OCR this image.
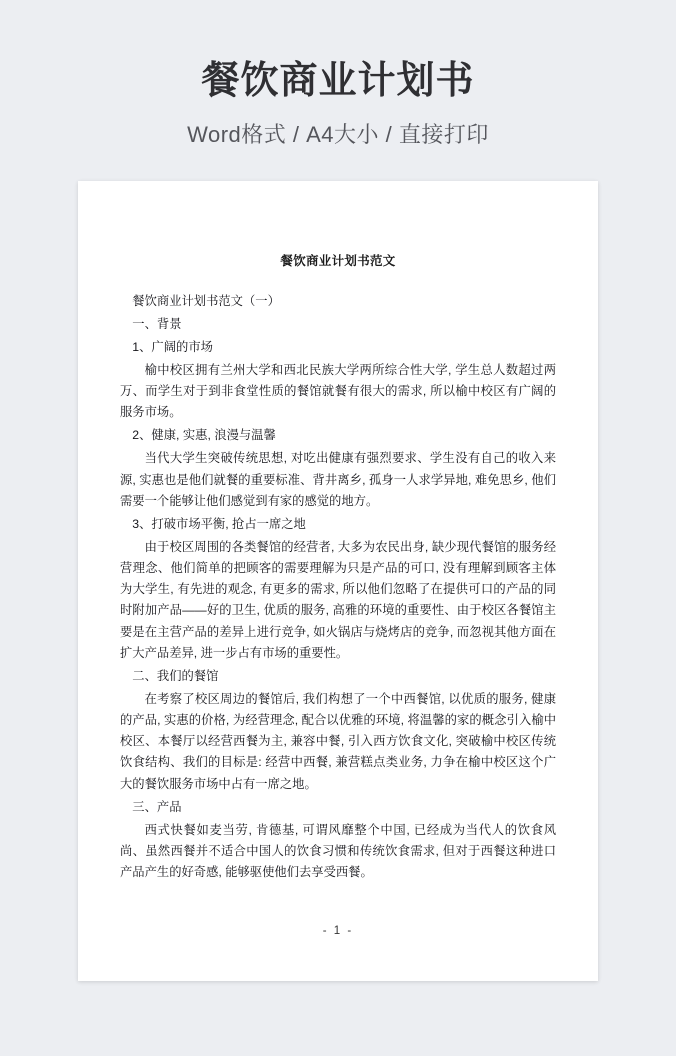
餐饮商业计划书
Word格式 / A4大小 / 直接打印
餐饮商业计划书范文

餐饮商业计划书范文（一）

一、背景

1、广阔的市场

榆中校区拥有兰州大学和西北民族大学两所综合性大学, 学生总人数超过两万、而学生对于到非食堂性质的餐馆就餐有很大的需求, 所以榆中校区有广阔的服务市场。

2、健康, 实惠, 浪漫与温馨

当代大学生突破传统思想, 对吃出健康有强烈要求、学生没有自己的收入来源, 实惠也是他们就餐的重要标准、背井离乡, 孤身一人求学异地, 难免思乡, 他们需要一个能够让他们感觉到有家的感觉的地方。

3、打破市场平衡, 抢占一席之地

由于校区周围的各类餐馆的经营者, 大多为农民出身, 缺少现代餐馆的服务经营理念、他们简单的把顾客的需要理解为只是产品的可口, 没有理解到顾客主体为大学生, 有先进的观念, 有更多的需求, 所以他们忽略了在提供可口的产品的同时附加产品——好的卫生, 优质的服务, 高雅的环境的重要性、由于校区各餐馆主要是在主营产品的差异上进行竞争, 如火锅店与烧烤店的竞争, 而忽视其他方面在扩大产品差异, 进一步占有市场的重要性。

二、我们的餐馆

在考察了校区周边的餐馆后, 我们构想了一个中西餐馆, 以优质的服务, 健康的产品, 实惠的价格, 为经营理念, 配合以优雅的环境, 将温馨的家的概念引入榆中校区、本餐厅以经营西餐为主, 兼容中餐, 引入西方饮食文化, 突破榆中校区传统饮食结构、我们的目标是: 经营中西餐, 兼营糕点类业务, 力争在榆中校区这个广大的餐饮服务市场中占有一席之地。

三、产品

西式快餐如麦当劳, 肯德基, 可谓风靡整个中国, 已经成为当代人的饮食风尚、虽然西餐并不适合中国人的饮食习惯和传统饮食需求, 但对于西餐这种进口产品产生的好奇感, 能够驱使他们去享受西餐。

- 1 -
